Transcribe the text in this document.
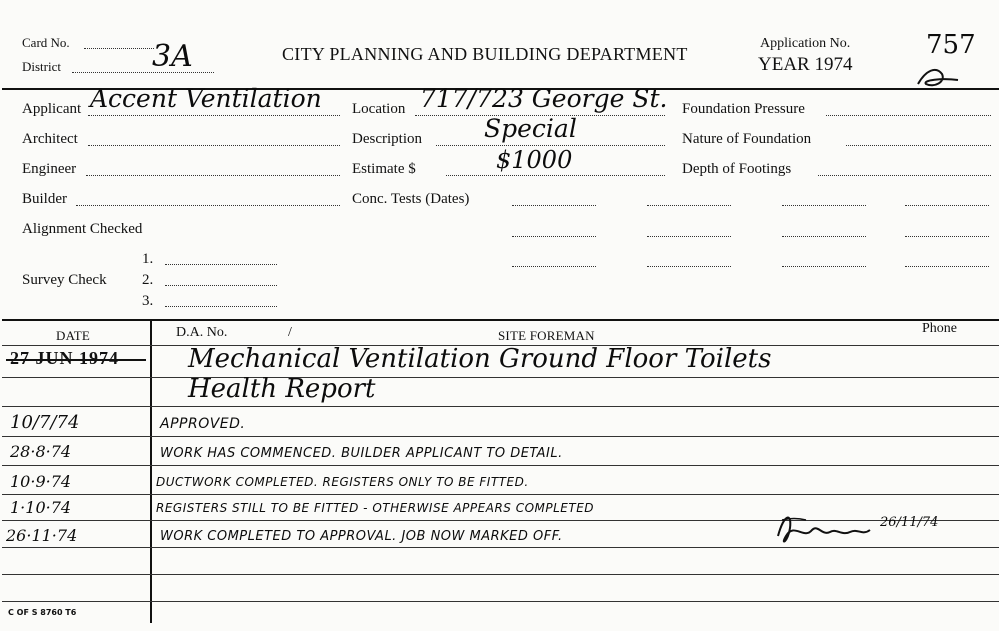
Card No.
District	3A	CITY PLANNING AND BUILDING DEPARTMENT
Application No.
YEAR 1974
757
Applicant Accent Ventilation
Architect
Engineer
Builder
Alignment Checked
1.
Survey Check 2.
3.
Location 717/723 George St.
Description Special
Estimate $	$1000
Conc. Tests (Dates)
Foundation Pressure
Nature of Foundation
Depth of Footings
DATE	D.A. No.	/	SITE FOREMAN	Phone
27 JUN 1974	Mechanical Ventilation Ground Floor Toilets
Health Report
10/7/74	APPROVED.
28·8·74	WORK HAS COMMENCED. BUILDER APPLICANT TO DETAIL.
10·9·74	DUCTWORK COMPLETED. REGISTERS ONLY TO BE FITTED.
1·10·74	REGISTERS STILL TO BE FITTED - OTHERWISE APPEARS COMPLETED
26·11·74	WORK COMPLETED TO APPROVAL. JOB NOW MARKED OFF.
26/11/74
C OF S 8760 T6
